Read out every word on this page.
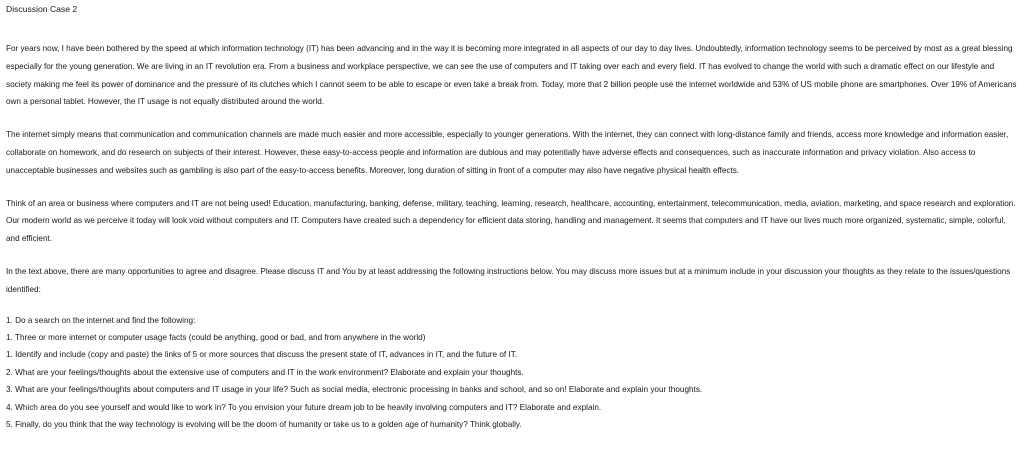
Discussion Case 2

For years now, I have been bothered by the speed at which information technology (IT) has been advancing and in the way it is becoming more integrated in all aspects of our day to day lives. Undoubtedly, information technology seems to be perceived by most as a great blessing especially for the young generation. We are living in an IT revolution era. From a business and workplace perspective, we can see the use of computers and IT taking over each and every field. IT has evolved to change the world with such a dramatic effect on our lifestyle and society making me feel its power of dominance and the pressure of its clutches which I cannot seem to be able to escape or even take a break from. Today, more that 2 billion people use the internet worldwide and 53% of US mobile phone are smartphones. Over 19% of Americans own a personal tablet. However, the IT usage is not equally distributed around the world.

The internet simply means that communication and communication channels are made much easier and more accessible, especially to younger generations. With the internet, they can connect with long-distance family and friends, access more knowledge and information easier, collaborate on homework, and do research on subjects of their interest. However, these easy-to-access people and information are dubious and may potentially have adverse effects and consequences, such as inaccurate information and privacy violation. Also access to unacceptable businesses and websites such as gambling is also part of the easy-to-access benefits. Moreover, long duration of sitting in front of a computer may also have negative physical health effects.

Think of an area or business where computers and IT are not being used! Education, manufacturing, banking, defense, military, teaching, learning, research, healthcare, accounting, entertainment, telecommunication, media, aviation, marketing, and space research and exploration. Our modern world as we perceive it today will look void without computers and IT. Computers have created such a dependency for efficient data storing, handling and management. It seems that computers and IT have our lives much more organized, systematic, simple, colorful, and efficient.

In the text above, there are many opportunities to agree and disagree. Please discuss IT and You by at least addressing the following instructions below. You may discuss more issues but at a minimum include in your discussion your thoughts as they relate to the issues/questions identified:

1. Do a search on the internet and find the following:
1. Three or more internet or computer usage facts (could be anything, good or bad, and from anywhere in the world)
1. Identify and include (copy and paste) the links of 5 or more sources that discuss the present state of IT, advances in IT, and the future of IT.
2. What are your feelings/thoughts about the extensive use of computers and IT in the work environment? Elaborate and explain your thoughts.
3. What are your feelings/thoughts about computers and IT usage in your life? Such as social media, electronic processing in banks and school, and so on! Elaborate and explain your thoughts.
4. Which area do you see yourself and would like to work in? To you envision your future dream job to be heavily involving computers and IT? Elaborate and explain.
5. Finally, do you think that the way technology is evolving will be the doom of humanity or take us to a golden age of humanity? Think globally.
